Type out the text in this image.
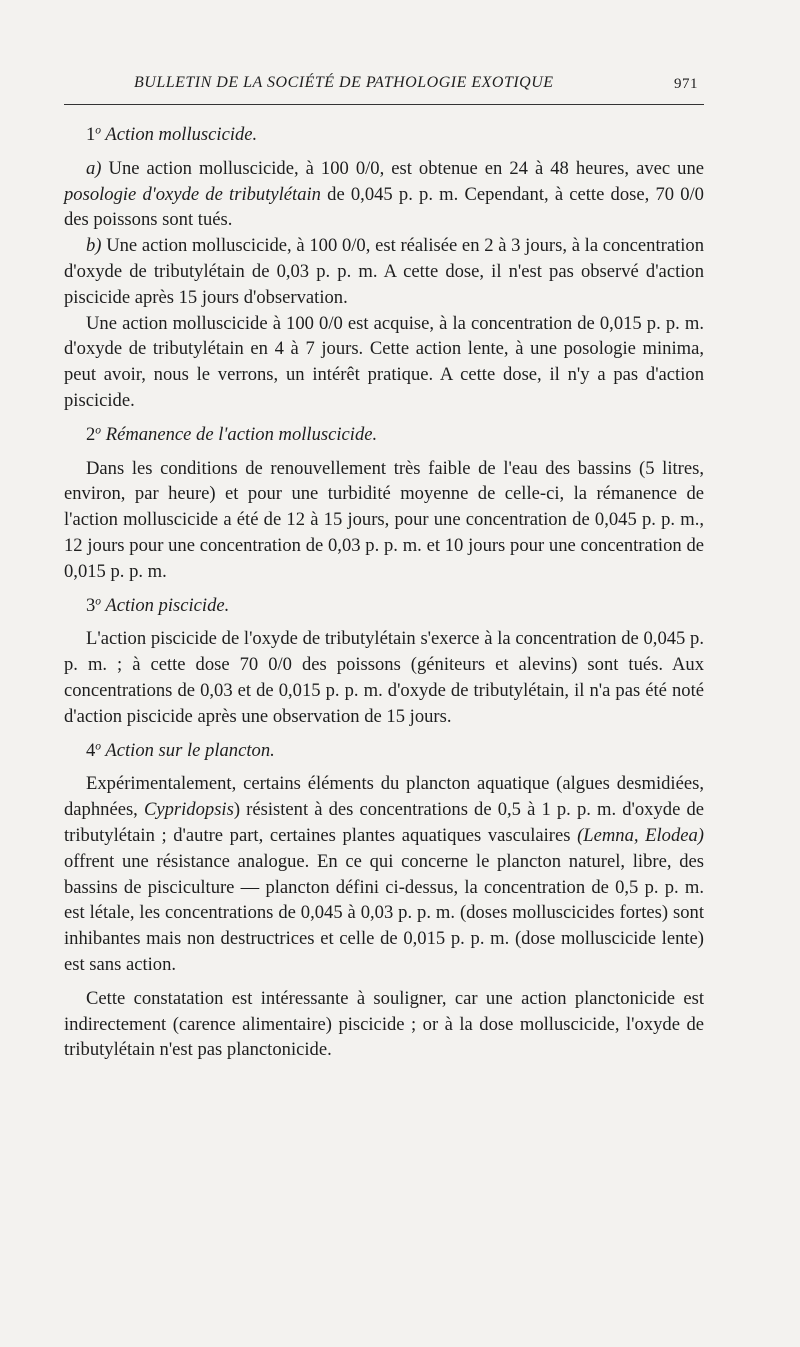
BULLETIN DE LA SOCIÉTÉ DE PATHOLOGIE EXOTIQUE	971
1$^o$ Action molluscicide.

a) Une action molluscicide, à 100 0/0, est obtenue en 24 à 48 heures, avec une posologie d'oxyde de tributylétain de 0,045 p. p. m. Cependant, à cette dose, 70 0/0 des poissons sont tués.

b) Une action molluscicide, à 100 0/0, est réalisée en 2 à 3 jours, à la concentration d'oxyde de tributylétain de 0,03 p. p. m. A cette dose, il n'est pas observé d'action piscicide après 15 jours d'observation.

Une action molluscicide à 100 0/0 est acquise, à la concentration de 0,015 p. p. m. d'oxyde de tributylétain en 4 à 7 jours. Cette action lente, à une posologie minima, peut avoir, nous le verrons, un intérêt pratique. A cette dose, il n'y a pas d'action piscicide.

2$^o$ Rémanence de l'action molluscicide.

Dans les conditions de renouvellement très faible de l'eau des bassins (5 litres, environ, par heure) et pour une turbidité moyenne de celle-ci, la rémanence de l'action molluscicide a été de 12 à 15 jours, pour une concentration de 0,045 p. p. m., 12 jours pour une concentration de 0,03 p. p. m. et 10 jours pour une concentration de 0,015 p. p. m.

3$^o$ Action piscicide.

L'action piscicide de l'oxyde de tributylétain s'exerce à la concentration de 0,045 p. p. m. ; à cette dose 70 0/0 des poissons (géniteurs et alevins) sont tués. Aux concentrations de 0,03 et de 0,015 p. p. m. d'oxyde de tributylétain, il n'a pas été noté d'action piscicide après une observation de 15 jours.

4$^o$ Action sur le plancton.

Expérimentalement, certains éléments du plancton aquatique (algues desmidiées, daphnées, Cypridopsis) résistent à des concentrations de 0,5 à 1 p. p. m. d'oxyde de tributylétain ; d'autre part, certaines plantes aquatiques vasculaires (Lemna, Elodea) offrent une résistance analogue. En ce qui concerne le plancton naturel, libre, des bassins de pisciculture — plancton défini ci-dessus, la concentration de 0,5 p. p. m. est létale, les concentrations de 0,045 à 0,03 p. p. m. (doses molluscicides fortes) sont inhibantes mais non destructrices et celle de 0,015 p. p. m. (dose molluscicide lente) est sans action.

Cette constatation est intéressante à souligner, car une action planctonicide est indirectement (carence alimentaire) piscicide ; or à la dose molluscicide, l'oxyde de tributylétain n'est pas planctonicide.
